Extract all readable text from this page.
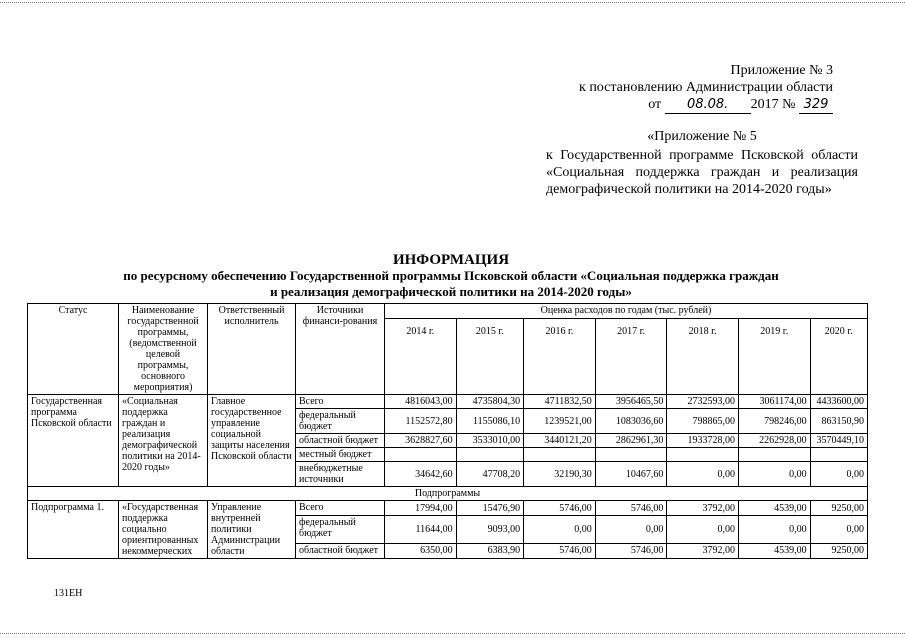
Приложение № 3
к постановлению Администрации области
от 08.08. 2017 № 329
«Приложение № 5
к Государственной программе Псковской области «Социальная поддержка граждан и реализация демографической политики на 2014-2020 годы»
ИНФОРМАЦИЯ
по ресурсному обеспечению Государственной программы Псковской области «Социальная поддержка граждан
и реализация демографической политики на 2014-2020 годы»
Статус	Наименование государственной программы, (ведомственной целевой программы, основного мероприятия)	Ответственный исполнитель	Источники финанси-рования	Оценка расходов по годам (тыс. рублей)						

				2014 г.	2015 г.	2016 г.	2017 г.	2018 г.	2019 г.	2020 г.

Государственная программа Псковской области	«Социальная поддержка граждан и реализация демографической политики на 2014-2020 годы»	Главное государственное управление социальной защиты населения Псковской области	Всего	4816043,00	4735804,30	4711832,50	3956465,50	2732593,00	3061174,00	4433600,00
			федеральный бюджет	1152572,80	1155086,10	1239521,00	1083036,60	798865,00	798246,00	863150,90
			областной бюджет	3628827,60	3533010,00	3440121,20	2862961,30	1933728,00	2262928,00	3570449,10
			местный бюджет							
			внебюджетные источники	34642,60	47708,20	32190,30	10467,60	0,00	0,00	0,00
Подпрограммы										
Подпрограмма 1.	«Государственная поддержка социально ориентированных некоммерческих	Управление внутренней политики Администрации области	Всего	17994,00	15476,90	5746,00	5746,00	3792,00	4539,00	9250,00
			федеральный бюджет	11644,00	9093,00	0,00	0,00	0,00	0,00	0,00
			областной бюджет	6350,00	6383,90	5746,00	5746,00	3792,00	4539,00	9250,00
131ЕН
